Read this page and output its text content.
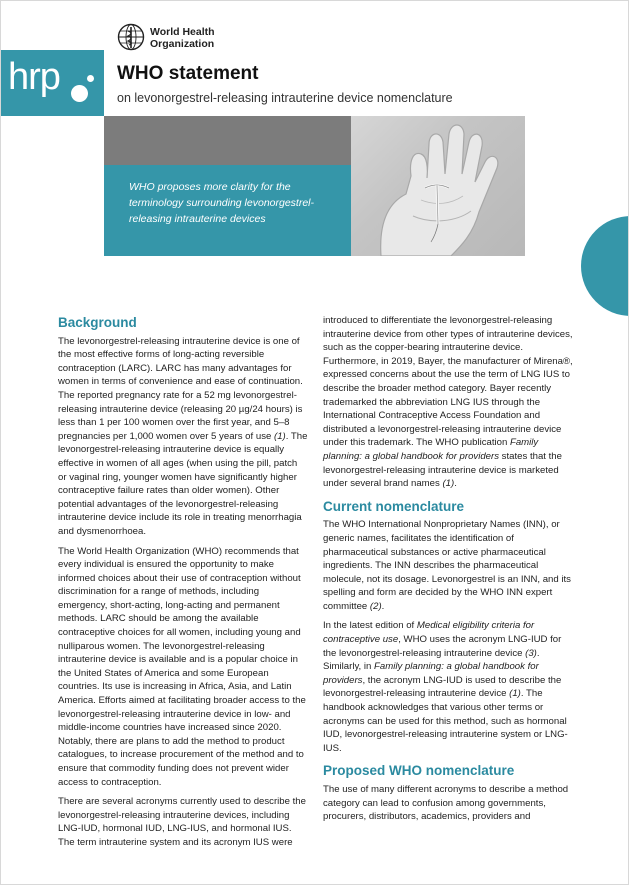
World Health Organization
hrp	WHO statement
on levonorgestrel-releasing intrauterine device nomenclature
WHO proposes more clarity for the terminology surrounding levonorgestrel-releasing intrauterine devices
Background

The levonorgestrel-releasing intrauterine device is one of the most effective forms of long-acting reversible contraception (LARC). LARC has many advantages for women in terms of convenience and ease of continuation. The reported pregnancy rate for a 52 mg levonorgestrel-releasing intrauterine device (releasing 20 µg/24 hours) is less than 1 per 100 women over the first year, and 5–8 pregnancies per 1,000 women over 5 years of use (1). The levonorgestrel-releasing intrauterine device is equally effective in women of all ages (when using the pill, patch or vaginal ring, younger women have significantly higher contraceptive failure rates than older women). Other potential advantages of the levonorgestrel-releasing intrauterine device include its role in treating menorrhagia and dysmenorrhoea.

The World Health Organization (WHO) recommends that every individual is ensured the opportunity to make informed choices about their use of contraception without discrimination for a range of methods, including emergency, short-acting, long-acting and permanent methods. LARC should be among the available contraceptive choices for all women, including young and nulliparous women. The levonorgestrel-releasing intrauterine device is available and is a popular choice in the United States of America and some European countries. Its use is increasing in Africa, Asia, and Latin America. Efforts aimed at facilitating broader access to the levonorgestrel-releasing intrauterine device in low- and middle-income countries have increased since 2020. Notably, there are plans to add the method to product catalogues, to increase procurement of the method and to ensure that commodity funding does not prevent wider access to contraception.

There are several acronyms currently used to describe the levonorgestrel-releasing intrauterine devices, including LNG-IUD, hormonal IUD, LNG-IUS, and hormonal IUS. The term intrauterine system and its acronym IUS were

introduced to differentiate the levonorgestrel-releasing intrauterine device from other types of intrauterine devices, such as the copper-bearing intrauterine device. Furthermore, in 2019, Bayer, the manufacturer of Mirena®, expressed concerns about the use the term of LNG IUS to describe the broader method category. Bayer recently trademarked the abbreviation LNG IUS through the International Contraceptive Access Foundation and distributed a levonorgestrel-releasing intrauterine device under this trademark. The WHO publication Family planning: a global handbook for providers states that the levonorgestrel-releasing intrauterine device is marketed under several brand names (1).

Current nomenclature

The WHO International Nonproprietary Names (INN), or generic names, facilitates the identification of pharmaceutical substances or active pharmaceutical ingredients. The INN describes the pharmaceutical molecule, not its dosage. Levonorgestrel is an INN, and its spelling and form are decided by the WHO INN expert committee (2).

In the latest edition of Medical eligibility criteria for contraceptive use, WHO uses the acronym LNG-IUD for the levonorgestrel-releasing intrauterine device (3). Similarly, in Family planning: a global handbook for providers, the acronym LNG-IUD is used to describe the levonorgestrel-releasing intrauterine device (1). The handbook acknowledges that various other terms or acronyms can be used for this method, such as hormonal IUD, levonorgestrel-releasing intrauterine system or LNG-IUS.

Proposed WHO nomenclature

The use of many different acronyms to describe a method category can lead to confusion among governments, procurers, distributors, academics, providers and
